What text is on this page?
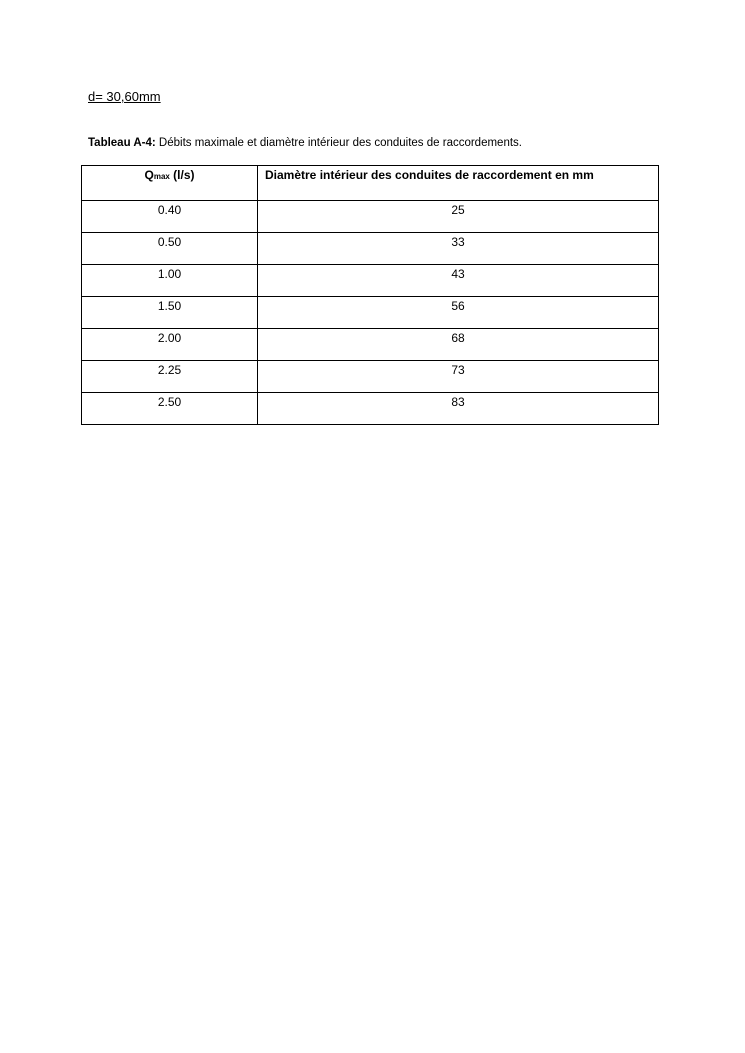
d= 30,60mm
Tableau A-4: Débits maximale et diamètre intérieur des conduites de raccordements.
Qmax (l/s)	Diamètre intérieur des conduites de raccordement en mm
0.40	25
0.50	33
1.00	43
1.50	56
2.00	68
2.25	73
2.50	83
